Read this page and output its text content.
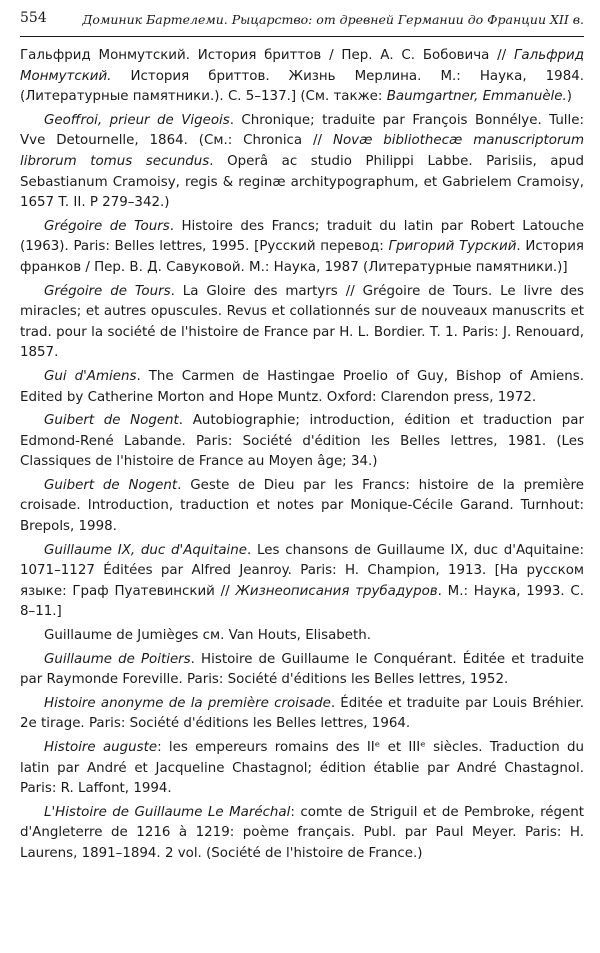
554	Доминик Бартелеми. Рыцарство: от древней Германии до Франции XII в.

Гальфрид Монмутский. История бриттов / Пер. А. С. Бобовича // Гальфрид Монмутский. История бриттов. Жизнь Мерлина. М.: Наука, 1984. (Литературные памятники.). С. 5–137.] (См. также: Baumgartner, Emmanuèle.)

Geoffroi, prieur de Vigeois. Chronique; traduite par François Bonnélye. Tulle: Vve Detournelle, 1864. (См.: Chronica // Novæ bibliothecæ manuscriptorum librorum tomus secundus. Operâ ac studio Philippi Labbe. Parisiis, apud Sebastianum Cramoisy, regis & reginæ architypographum, et Gabrielem Cramoisy, 1657 T. II. P 279–342.)

Grégoire de Tours. Histoire des Francs; traduit du latin par Robert Latouche (1963). Paris: Belles lettres, 1995. [Русский перевод: Григорий Турский. История франков / Пер. В. Д. Савуковой. М.: Наука, 1987 (Литературные памятники.)]

Grégoire de Tours. La Gloire des martyrs // Grégoire de Tours. Le livre des miracles; et autres opuscules. Revus et collationnés sur de nouveaux manuscrits et trad. pour la société de l'histoire de France par H. L. Bordier. T. 1. Paris: J. Renouard, 1857.

Gui d'Amiens. The Carmen de Hastingae Proelio of Guy, Bishop of Amiens. Edited by Catherine Morton and Hope Muntz. Oxford: Clarendon press, 1972.

Guibert de Nogent. Autobiographie; introduction, édition et traduction par Edmond-René Labande. Paris: Société d'édition les Belles lettres, 1981. (Les Classiques de l'histoire de France au Moyen âge; 34.)

Guibert de Nogent. Geste de Dieu par les Francs: histoire de la première croisade. Introduction, traduction et notes par Monique-Cécile Garand. Turnhout: Brepols, 1998.

Guillaume IX, duc d'Aquitaine. Les chansons de Guillaume IX, duc d'Aquitaine: 1071–1127 Éditées par Alfred Jeanroy. Paris: H. Champion, 1913. [На русском языке: Граф Пуатевинский // Жизнеописания трубадуров. М.: Наука, 1993. С. 8–11.]

Guillaume de Jumièges см. Van Houts, Elisabeth.

Guillaume de Poitiers. Histoire de Guillaume le Conquérant. Éditée et traduite par Raymonde Foreville. Paris: Société d'éditions les Belles lettres, 1952.

Histoire anonyme de la première croisade. Éditée et traduite par Louis Bréhier. 2e tirage. Paris: Société d'éditions les Belles lettres, 1964.

Histoire auguste: les empereurs romains des IIᵉ et IIIᵉ siècles. Traduction du latin par André et Jacqueline Chastagnol; édition établie par André Chastagnol. Paris: R. Laffont, 1994.

L'Histoire de Guillaume Le Maréchal: comte de Striguil et de Pembroke, régent d'Angleterre de 1216 à 1219: poème français. Publ. par Paul Meyer. Paris: H. Laurens, 1891–1894. 2 vol. (Société de l'histoire de France.)
